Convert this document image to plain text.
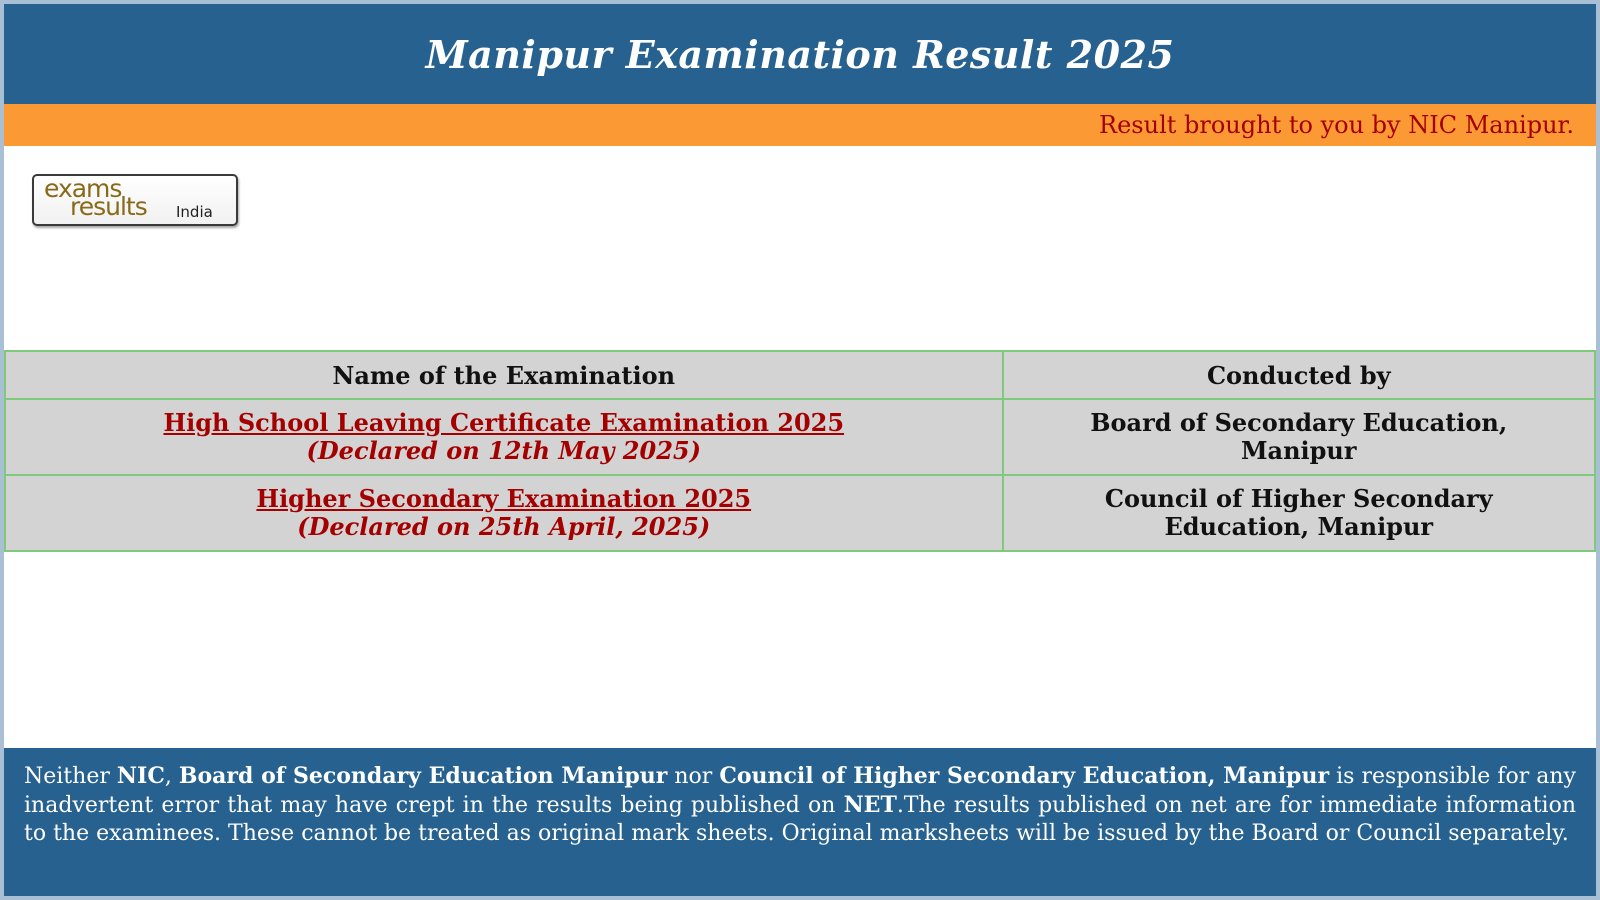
Manipur Examination Result 2025
Result brought to you by NIC Manipur.
exams
results India
Name of the Examination	Conducted by
High School Leaving Certificate Examination 2025
(Declared on 12th May 2025)	Board of Secondary Education, Manipur
Higher Secondary Examination 2025
(Declared on 25th April, 2025)	Council of Higher Secondary Education, Manipur
Neither NIC, Board of Secondary Education Manipur nor Council of Higher Secondary Education, Manipur is responsible for any inadvertent error that may have crept in the results being published on NET.The results published on net are for immediate information to the examinees. These cannot be treated as original mark sheets. Original marksheets will be issued by the Board or Council separately.
